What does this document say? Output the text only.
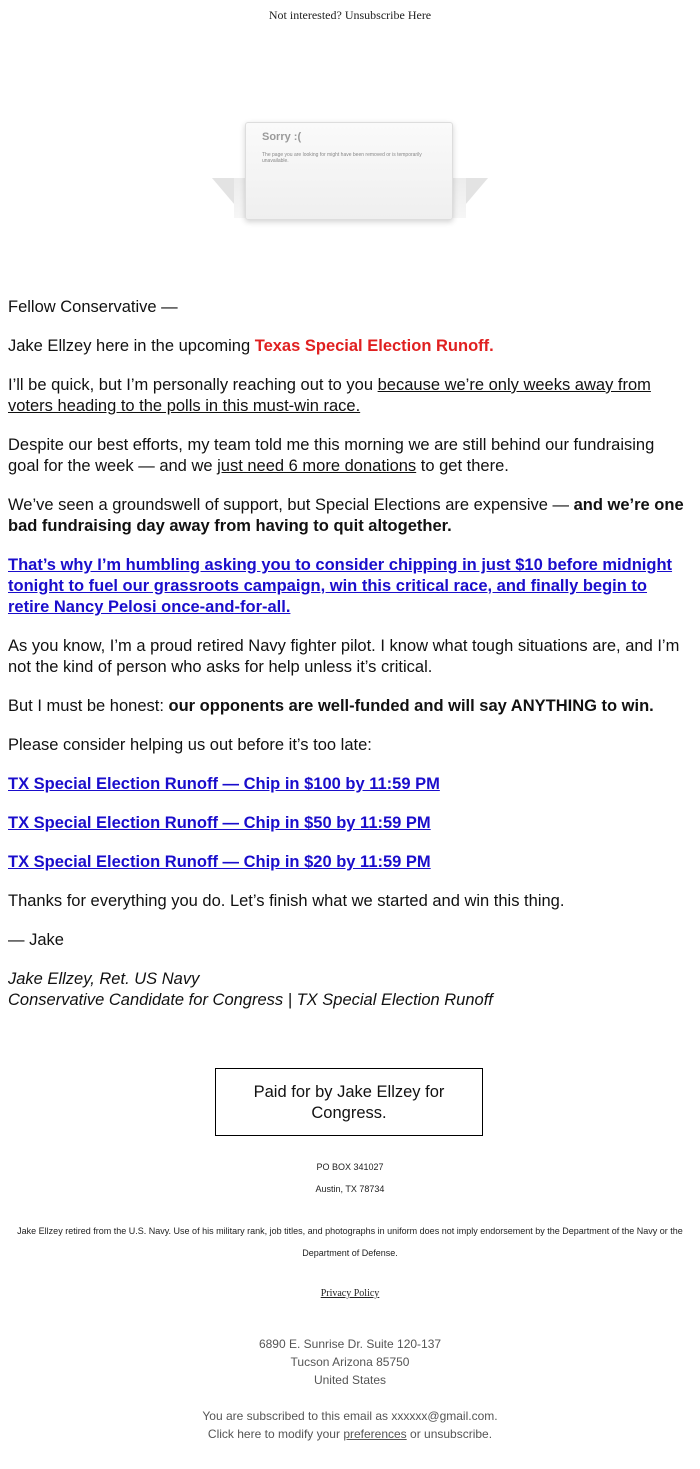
Not interested? Unsubscribe Here
Sorry :(
The page you are looking for might have been removed or is temporarily unavailable.

Fellow Conservative —

Jake Ellzey here in the upcoming Texas Special Election Runoff.

I’ll be quick, but I’m personally reaching out to you because we’re only weeks away from voters heading to the polls in this must-win race.

Despite our best efforts, my team told me this morning we are still behind our fundraising goal for the week — and we just need 6 more donations to get there.

We’ve seen a groundswell of support, but Special Elections are expensive — and we’re one bad fundraising day away from having to quit altogether.

That’s why I’m humbling asking you to consider chipping in just $10 before midnight tonight to fuel our grassroots campaign, win this critical race, and finally begin to retire Nancy Pelosi once-and-for-all.

As you know, I’m a proud retired Navy fighter pilot. I know what tough situations are, and I’m not the kind of person who asks for help unless it’s critical.

But I must be honest: our opponents are well-funded and will say ANYTHING to win.

Please consider helping us out before it’s too late:

TX Special Election Runoff — Chip in $100 by 11:59 PM

TX Special Election Runoff — Chip in $50 by 11:59 PM

TX Special Election Runoff — Chip in $20 by 11:59 PM

Thanks for everything you do. Let’s finish what we started and win this thing.

— Jake

Jake Ellzey, Ret. US Navy
Conservative Candidate for Congress | TX Special Election Runoff

Paid for by Jake Ellzey for Congress.
PO BOX 341027
Austin, TX 78734
Jake Ellzey retired from the U.S. Navy. Use of his military rank, job titles, and photographs in uniform does not imply endorsement by the Department of the Navy or the Department of Defense.
Privacy Policy
6890 E. Sunrise Dr. Suite 120-137
Tucson Arizona 85750
United States
You are subscribed to this email as xxxxxx@gmail.com.
Click here to modify your preferences or unsubscribe.
